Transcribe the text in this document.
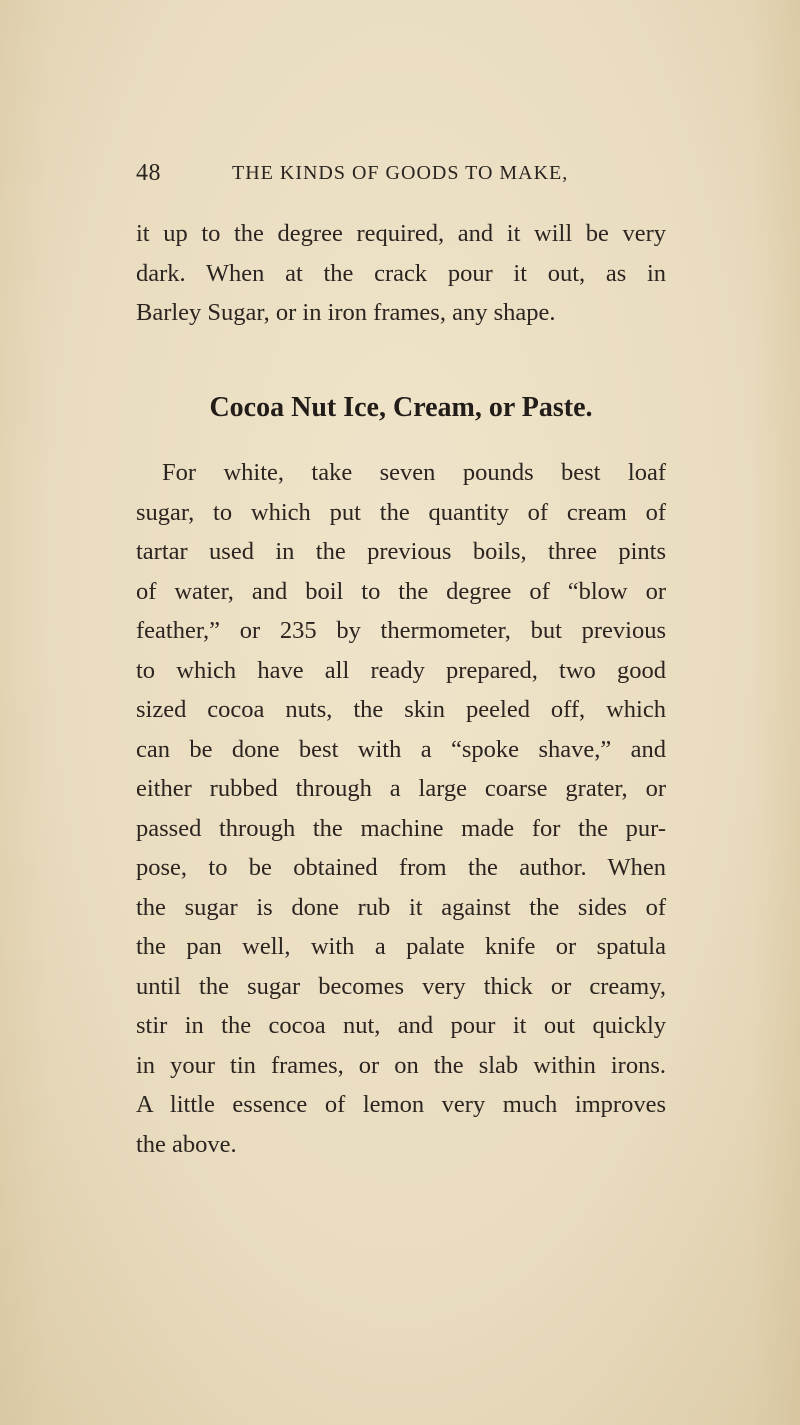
48	THE KINDS OF GOODS TO MAKE,
it up to the degree required, and it will be very
dark. When at the crack pour it out, as in
Barley Sugar, or in iron frames, any shape.
Cocoa Nut Ice, Cream, or Paste.
For white, take seven pounds best loaf
sugar, to which put the quantity of cream of
tartar used in the previous boils, three pints
of water, and boil to the degree of “blow or
feather,” or 235 by thermometer, but previous
to which have all ready prepared, two good
sized cocoa nuts, the skin peeled off, which
can be done best with a “spoke shave,” and
either rubbed through a large coarse grater, or
passed through the machine made for the pur-
pose, to be obtained from the author. When
the sugar is done rub it against the sides of
the pan well, with a palate knife or spatula
until the sugar becomes very thick or creamy,
stir in the cocoa nut, and pour it out quickly
in your tin frames, or on the slab within irons.
A little essence of lemon very much improves
the above.
